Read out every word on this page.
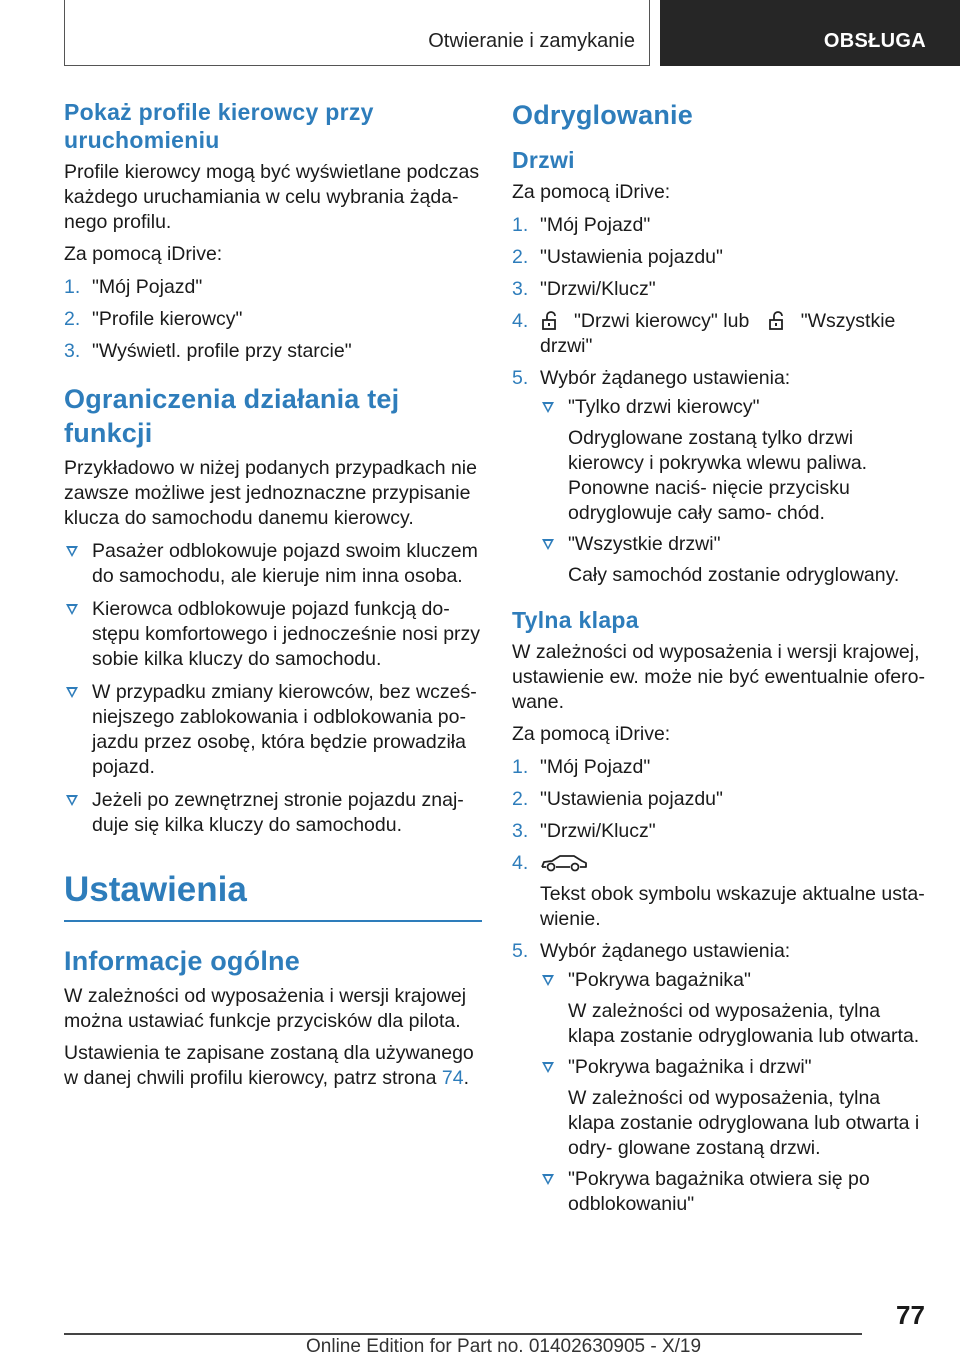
Otwieranie i zamykanie	OBSŁUGA
Pokaż profile kierowcy przy uruchomieniu
Profile kierowcy mogą być wyświetlane podczas każdego uruchamiania w celu wybrania żąda- nego profilu.
Za pomocą iDrive:
1. "Mój Pojazd"
2. "Profile kierowcy"
3. "Wyświetl. profile przy starcie"
Ograniczenia działania tej funkcji
Przykładowo w niżej podanych przypadkach nie zawsze możliwe jest jednoznaczne przypisanie klucza do samochodu danemu kierowcy.
Pasażer odblokowuje pojazd swoim kluczem do samochodu, ale kieruje nim inna osoba.
Kierowca odblokowuje pojazd funkcją do- stępu komfortowego i jednocześnie nosi przy sobie kilka kluczy do samochodu.
W przypadku zmiany kierowców, bez wcześ- niejszego zablokowania i odblokowania po- jazdu przez osobę, która będzie prowadziła pojazd.
Jeżeli po zewnętrznej stronie pojazdu znaj- duje się kilka kluczy do samochodu.
Ustawienia
Informacje ogólne
W zależności od wyposażenia i wersji krajowej można ustawiać funkcje przycisków dla pilota.
Ustawienia te zapisane zostaną dla używanego w danej chwili profilu kierowcy, patrz strona 74.
Odryglowanie
Drzwi
Za pomocą iDrive:
1. "Mój Pojazd"
2. "Ustawienia pojazdu"
3. "Drzwi/Klucz"
4. "Drzwi kierowcy" lub	"Wszystkie drzwi"
5. Wybór żądanego ustawienia:
"Tylko drzwi kierowcy"
Odryglowane zostaną tylko drzwi kierowcy i pokrywka wlewu paliwa. Ponowne naciś- nięcie przycisku odryglowuje cały samo- chód.
"Wszystkie drzwi"
Cały samochód zostanie odryglowany.
Tylna klapa
W zależności od wyposażenia i wersji krajowej, ustawienie ew. może nie być ewentualnie ofero- wane.
Za pomocą iDrive:
1. "Mój Pojazd"
2. "Ustawienia pojazdu"
3. "Drzwi/Klucz"
4.
Tekst obok symbolu wskazuje aktualne usta- wienie.
5. Wybór żądanego ustawienia:
"Pokrywa bagażnika"
W zależności od wyposażenia, tylna klapa zostanie odryglowania lub otwarta.
"Pokrywa bagażnika i drzwi"
W zależności od wyposażenia, tylna klapa zostanie odryglowana lub otwarta i odry- glowane zostaną drzwi.
"Pokrywa bagażnika otwiera się po odblokowaniu"
77
Online Edition for Part no. 01402630905 - X/19
